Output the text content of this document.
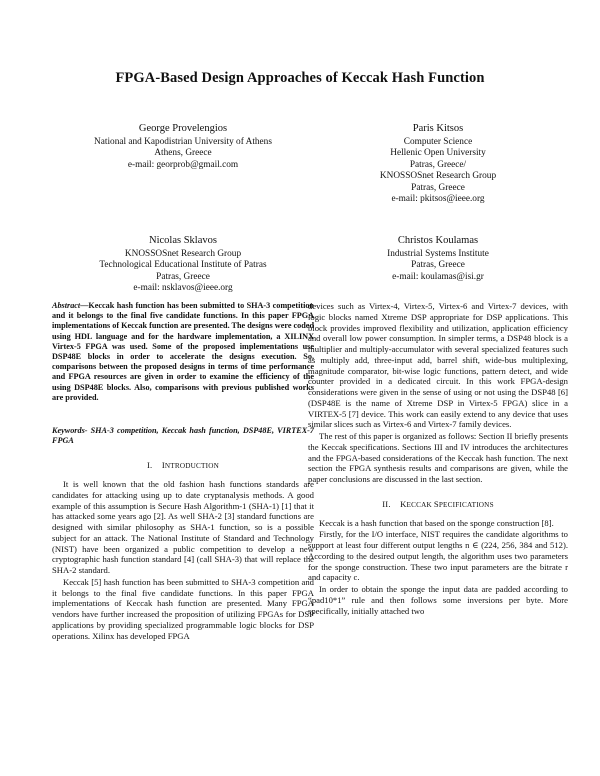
FPGA-Based Design Approaches of Keccak Hash Function
George Provelengios
National and Kapodistrian University of Athens
Athens, Greece
e-mail: georprob@gmail.com
Paris Kitsos
Computer Science
Hellenic Open University
Patras, Greece/
KNOSSOSnet Research Group
Patras, Greece
e-mail: pkitsos@ieee.org
Nicolas Sklavos
KNOSSOSnet Research Group
Technological Educational Institute of Patras
Patras, Greece
e-mail: nsklavos@ieee.org
Christos Koulamas
Industrial Systems Institute
Patras, Greece
e-mail: koulamas@isi.gr
Abstract—Keccak hash function has been submitted to SHA-3 competition and it belongs to the final five candidate functions. In this paper FPGA implementations of Keccak function are presented. The designs were coded using HDL language and for the hardware implementation, a XILINX Virtex-5 FPGA was used. Some of the proposed implementations use DSP48E blocks in order to accelerate the designs execution. So, comparisons between the proposed designs in terms of time performance and FPGA resources are given in order to examine the efficiency of the using DSP48E blocks. Also, comparisons with previous published works are provided.
Keywords- SHA-3 competition, Keccak hash function, DSP48E, VIRTEX-7 FPGA
I. INTRODUCTION

It is well known that the old fashion hash functions standards are candidates for attacking using up to date cryptanalysis methods. A good example of this assumption is Secure Hash Algorithm-1 (SHA-1) [1] that it has attacked some years ago [2]. As well SHA-2 [3] standard functions are designed with similar philosophy as SHA-1 function, so is a possible subject for an attack. The National Institute of Standard and Technology (NIST) have been organized a public competition to develop a new cryptographic hash function standard [4] (call SHA-3) that will replace the SHA-2 standard.

Keccak [5] hash function has been submitted to SHA-3 competition and it belongs to the final five candidate functions. In this paper FPGA implementations of Keccak hash function are presented. Many FPGA vendors have further increased the proposition of utilizing FPGAs for DSP applications by providing specialized programmable logic blocks for DSP operations. Xilinx has developed FPGA

devices such as Virtex-4, Virtex-5, Virtex-6 and Virtex-7 devices, with logic blocks named Xtreme DSP appropriate for DSP applications. This block provides improved flexibility and utilization, application efficiency and overall low power consumption. In simpler terms, a DSP48 block is a multiplier and multiply-accumulator with several specialized features such as multiply add, three-input add, barrel shift, wide-bus multiplexing, magnitude comparator, bit-wise logic functions, pattern detect, and wide counter provided in a dedicated circuit. In this work FPGA-design considerations were given in the sense of using or not using the DSP48 [6] (DSP48E is the name of Xtreme DSP in Virtex-5 FPGA) slice in a VIRTEX-5 [7] device. This work can easily extend to any device that uses similar slices such as Virtex-6 and Virtex-7 family devices.

The rest of this paper is organized as follows: Section II briefly presents the Keccak specifications. Sections III and IV introduces the architectures and the FPGA-based considerations of the Keccak hash function. The next section the FPGA synthesis results and comparisons are given, while the paper conclusions are discussed in the last section.

II. KECCAK SPECIFICATIONS

Keccak is a hash function that based on the sponge construction [8].

Firstly, for the I/O interface, NIST requires the candidate algorithms to support at least four different output lengths n ∈ (224, 256, 384 and 512). According to the desired output length, the algorithm uses two parameters for the sponge construction. These two input parameters are the bitrate r and capacity c.

In order to obtain the sponge the input data are padded according to “pad10*1” rule and then follows some inversions per byte. More specifically, initially attached two
